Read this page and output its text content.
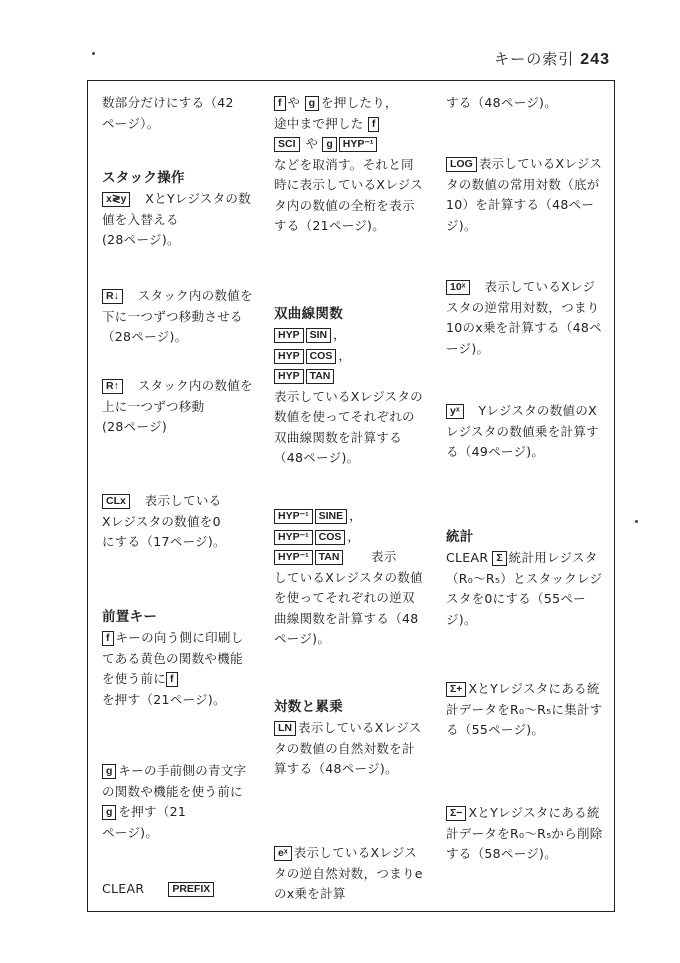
キーの索引 243
数部分だけにする（42
ページ）。
スタック操作
x≷y　XとYレジスタの数値を入替える
(28ページ)。
R↓　スタック内の数値を下に一つずつ移動させる（28ページ)。
R↑　スタック内の数値を上に一つずつ移動
(28ページ)
CLx　表示している
Xレジスタの数値を0
にする（17ページ)。
前置キー
f キーの向う側に印刷してある黄色の関数や機能を使う前に f
を押す（21ページ)。
g キーの手前側の青文字の関数や機能を使う前にg を押す（21
ページ)。
CLEAR	PREFIX
f や g を押したり，
途中まで押した f
SCI や g HYP⁻¹
などを取消す。それと同時に表示しているXレジスタ内の数値の全桁を表示する（21ページ)。
双曲線関数
HYP SIN ，
HYP COS ，
HYP TAN
表示しているXレジスタの数値を使ってそれぞれの双曲線関数を計算する（48ページ)。
HYP⁻¹ SINE ，
HYP⁻¹ COS ，
HYP⁻¹ TAN	　　表示
しているXレジスタの数値を使ってそれぞれの逆双曲線関数を計算する（48ページ)。
対数と累乗
LN 表示しているXレジスタの数値の自然対数を計算する（48ページ)。
eˣ 表示しているXレジスタの逆自然対数，つまりeのx乗を計算
する（48ページ)。
LOG 表示しているXレジスタの数値の常用対数（底が10）を計算する（48ページ)。
10ˣ　表示しているXレジスタの逆常用対数，つまり10のx乗を計算する（48ページ)。
yˣ　Yレジスタの数値のXレジスタの数値乗を計算する（49ページ)。
統計
CLEAR Σ 統計用レジスタ（R₀〜R₅）とスタックレジスタを0にする（55ページ)。
Σ+ XとYレジスタにある統計データをR₀〜R₅に集計する（55ページ)。
Σ− XとYレジスタにある統計データをR₀〜R₅から削除する（58ページ)。
